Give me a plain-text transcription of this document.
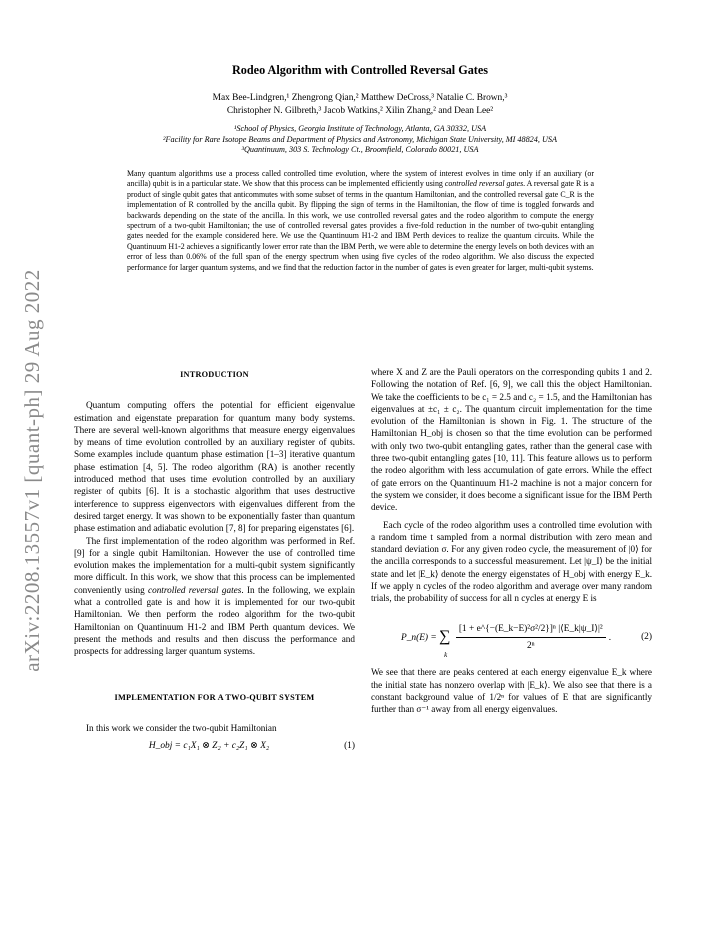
arXiv:2208.13557v1 [quant-ph] 29 Aug 2022
Rodeo Algorithm with Controlled Reversal Gates
Max Bee-Lindgren,¹ Zhengrong Qian,² Matthew DeCross,³ Natalie C. Brown,³
Christopher N. Gilbreth,³ Jacob Watkins,² Xilin Zhang,² and Dean Lee²
¹School of Physics, Georgia Institute of Technology, Atlanta, GA 30332, USA
²Facility for Rare Isotope Beams and Department of Physics and Astronomy, Michigan State University, MI 48824, USA
³Quantinuum, 303 S. Technology Ct., Broomfield, Colorado 80021, USA
Many quantum algorithms use a process called controlled time evolution, where the system of interest evolves in time only if an auxiliary (or ancilla) qubit is in a particular state. We show that this process can be implemented efficiently using controlled reversal gates. A reversal gate R is a product of single qubit gates that anticommutes with some subset of terms in the quantum Hamiltonian, and the controlled reversal gate C_R is the implementation of R controlled by the ancilla qubit. By flipping the sign of terms in the Hamiltonian, the flow of time is toggled forwards and backwards depending on the state of the ancilla. In this work, we use controlled reversal gates and the rodeo algorithm to compute the energy spectrum of a two-qubit Hamiltonian; the use of controlled reversal gates provides a five-fold reduction in the number of two-qubit entangling gates needed for the example considered here. We use the Quantinuum H1-2 and IBM Perth devices to realize the quantum circuits. While the Quantinuum H1-2 achieves a significantly lower error rate than the IBM Perth, we were able to determine the energy levels on both devices with an error of less than 0.06% of the full span of the energy spectrum when using five cycles of the rodeo algorithm. We also discuss the expected performance for larger quantum systems, and we find that the reduction factor in the number of gates is even greater for larger, multi-qubit systems.
INTRODUCTION

Quantum computing offers the potential for efficient eigenvalue estimation and eigenstate preparation for quantum many body systems. There are several well-known algorithms that measure energy eigenvalues by means of time evolution controlled by an auxiliary register of qubits. Some examples include quantum phase estimation [1–3] iterative quantum phase estimation [4, 5]. The rodeo algorithm (RA) is another recently introduced method that uses time evolution controlled by an auxiliary register of qubits [6]. It is a stochastic algorithm that uses destructive interference to suppress eigenvectors with eigenvalues different from the desired target energy. It was shown to be exponentially faster than quantum phase estimation and adiabatic evolution [7, 8] for preparing eigenstates [6].

The first implementation of the rodeo algorithm was performed in Ref. [9] for a single qubit Hamiltonian. However the use of controlled time evolution makes the implementation for a multi-qubit system significantly more difficult. In this work, we show that this process can be implemented conveniently using controlled reversal gates. In the following, we explain what a controlled gate is and how it is implemented for our two-qubit Hamiltonian. We then perform the rodeo algorithm for the two-qubit Hamiltonian on Quantinuum H1-2 and IBM Perth quantum devices. We present the methods and results and then discuss the performance and prospects for addressing larger quantum systems.

IMPLEMENTATION FOR A TWO-QUBIT SYSTEM

In this work we consider the two-qubit Hamiltonian

H_obj = c₁X₁ ⊗ Z₂ + c₂Z₁ ⊗ X₂	(1)

where X and Z are the Pauli operators on the corresponding qubits 1 and 2. Following the notation of Ref. [6, 9], we call this the object Hamiltonian. We take the coefficients to be c₁ = 2.5 and c₂ = 1.5, and the Hamiltonian has eigenvalues at ±c₁ ± c₂. The quantum circuit implementation for the time evolution of the Hamiltonian is shown in Fig. 1. The structure of the Hamiltonian H_obj is chosen so that the time evolution can be performed with only two two-qubit entangling gates, rather than the general case with three two-qubit entangling gates [10, 11]. This feature allows us to perform the rodeo algorithm with less accumulation of gate errors. While the effect of gate errors on the Quantinuum H1-2 machine is not a major concern for the system we consider, it does become a significant issue for the IBM Perth device.

Each cycle of the rodeo algorithm uses a controlled time evolution with a random time t sampled from a normal distribution with zero mean and standard deviation σ. For any given rodeo cycle, the measurement of |0⟩ for the ancilla corresponds to a successful measurement. Let |ψ_I⟩ be the initial state and let |E_k⟩ denote the energy eigenstates of H_obj with energy E_k. If we apply n cycles of the rodeo algorithm and average over many random trials, the probability of success for all n cycles at energy E is

P_n(E) = ∑
k

$\frac{\text{[1 + e\textasciicircum{}\{−(E\_k−E)²σ²/2\}]ⁿ |⟨E\_k|ψ\_I⟩|²}}{\text{2ⁿ}}$ .	(2)

We see that there are peaks centered at each energy eigenvalue E_k where the initial state has nonzero overlap with |E_k⟩. We also see that there is a constant background value of 1/2ⁿ for values of E that are significantly further than σ⁻¹ away from all energy eigenvalues.
